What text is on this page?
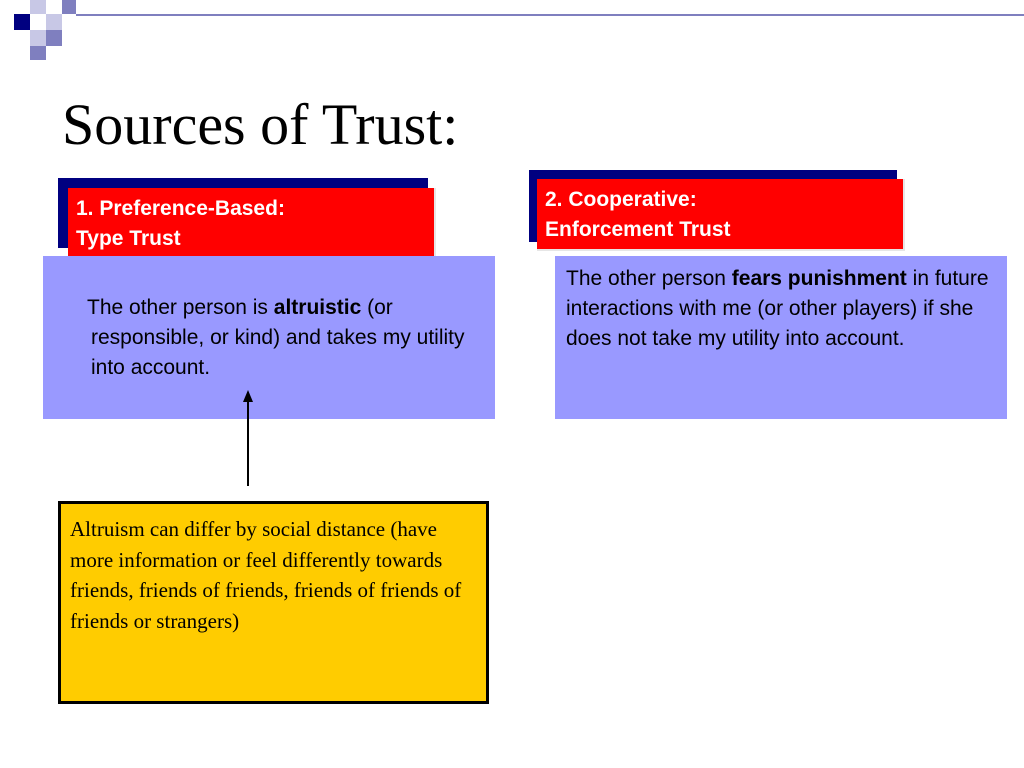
Sources of Trust:
1. Preference-Based:
Type Trust
The other person is altruistic (or responsible, or kind) and takes my utility into account.
2. Cooperative:
Enforcement Trust
The other person fears punishment in future interactions with me (or other players) if she does not take my utility into account.
Altruism can differ by social distance (have more information or feel differently towards friends, friends of friends, friends of friends of friends or strangers)
